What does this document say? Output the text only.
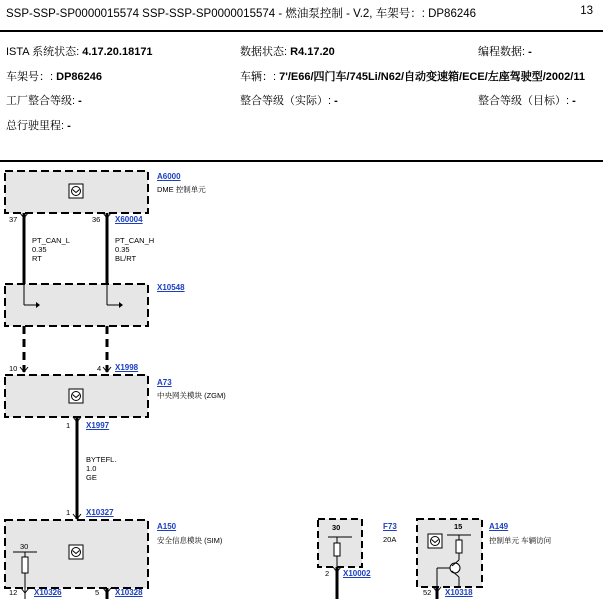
SSP-SSP-SP0000015574 SSP-SSP-SP0000015574 - 燃油泵控制 - V.2, 车架号：: DP86246	13
ISTA 系统状态: 4.17.20.18171	数据状态: R4.17.20	编程数据: -
车架号：: DP86246	车辆：: 7'/E66/四门车/745Li/N62/自动变速箱/ECE/左座驾驶型/2002/11
工厂整合等级: -	整合等级（实际）: -	整合等级（目标）: -
总行驶里程: -
A6000
DME 控制单元
37	36 X60004
PT_CAN_L
0.35
RT
PT_CAN_H
0.35
BL/RT
X10548
10	4 X1998
A73
中央网关模块 (ZGM)
1 X1997
BYTEFL.
1.0
GE
1 X10327
A150
安全信息模块 (SIM)
30
12 X10326	5 X10328
30	F73
20A
2 X10002
15	A149
控制单元 车辆访问
52 X10318
